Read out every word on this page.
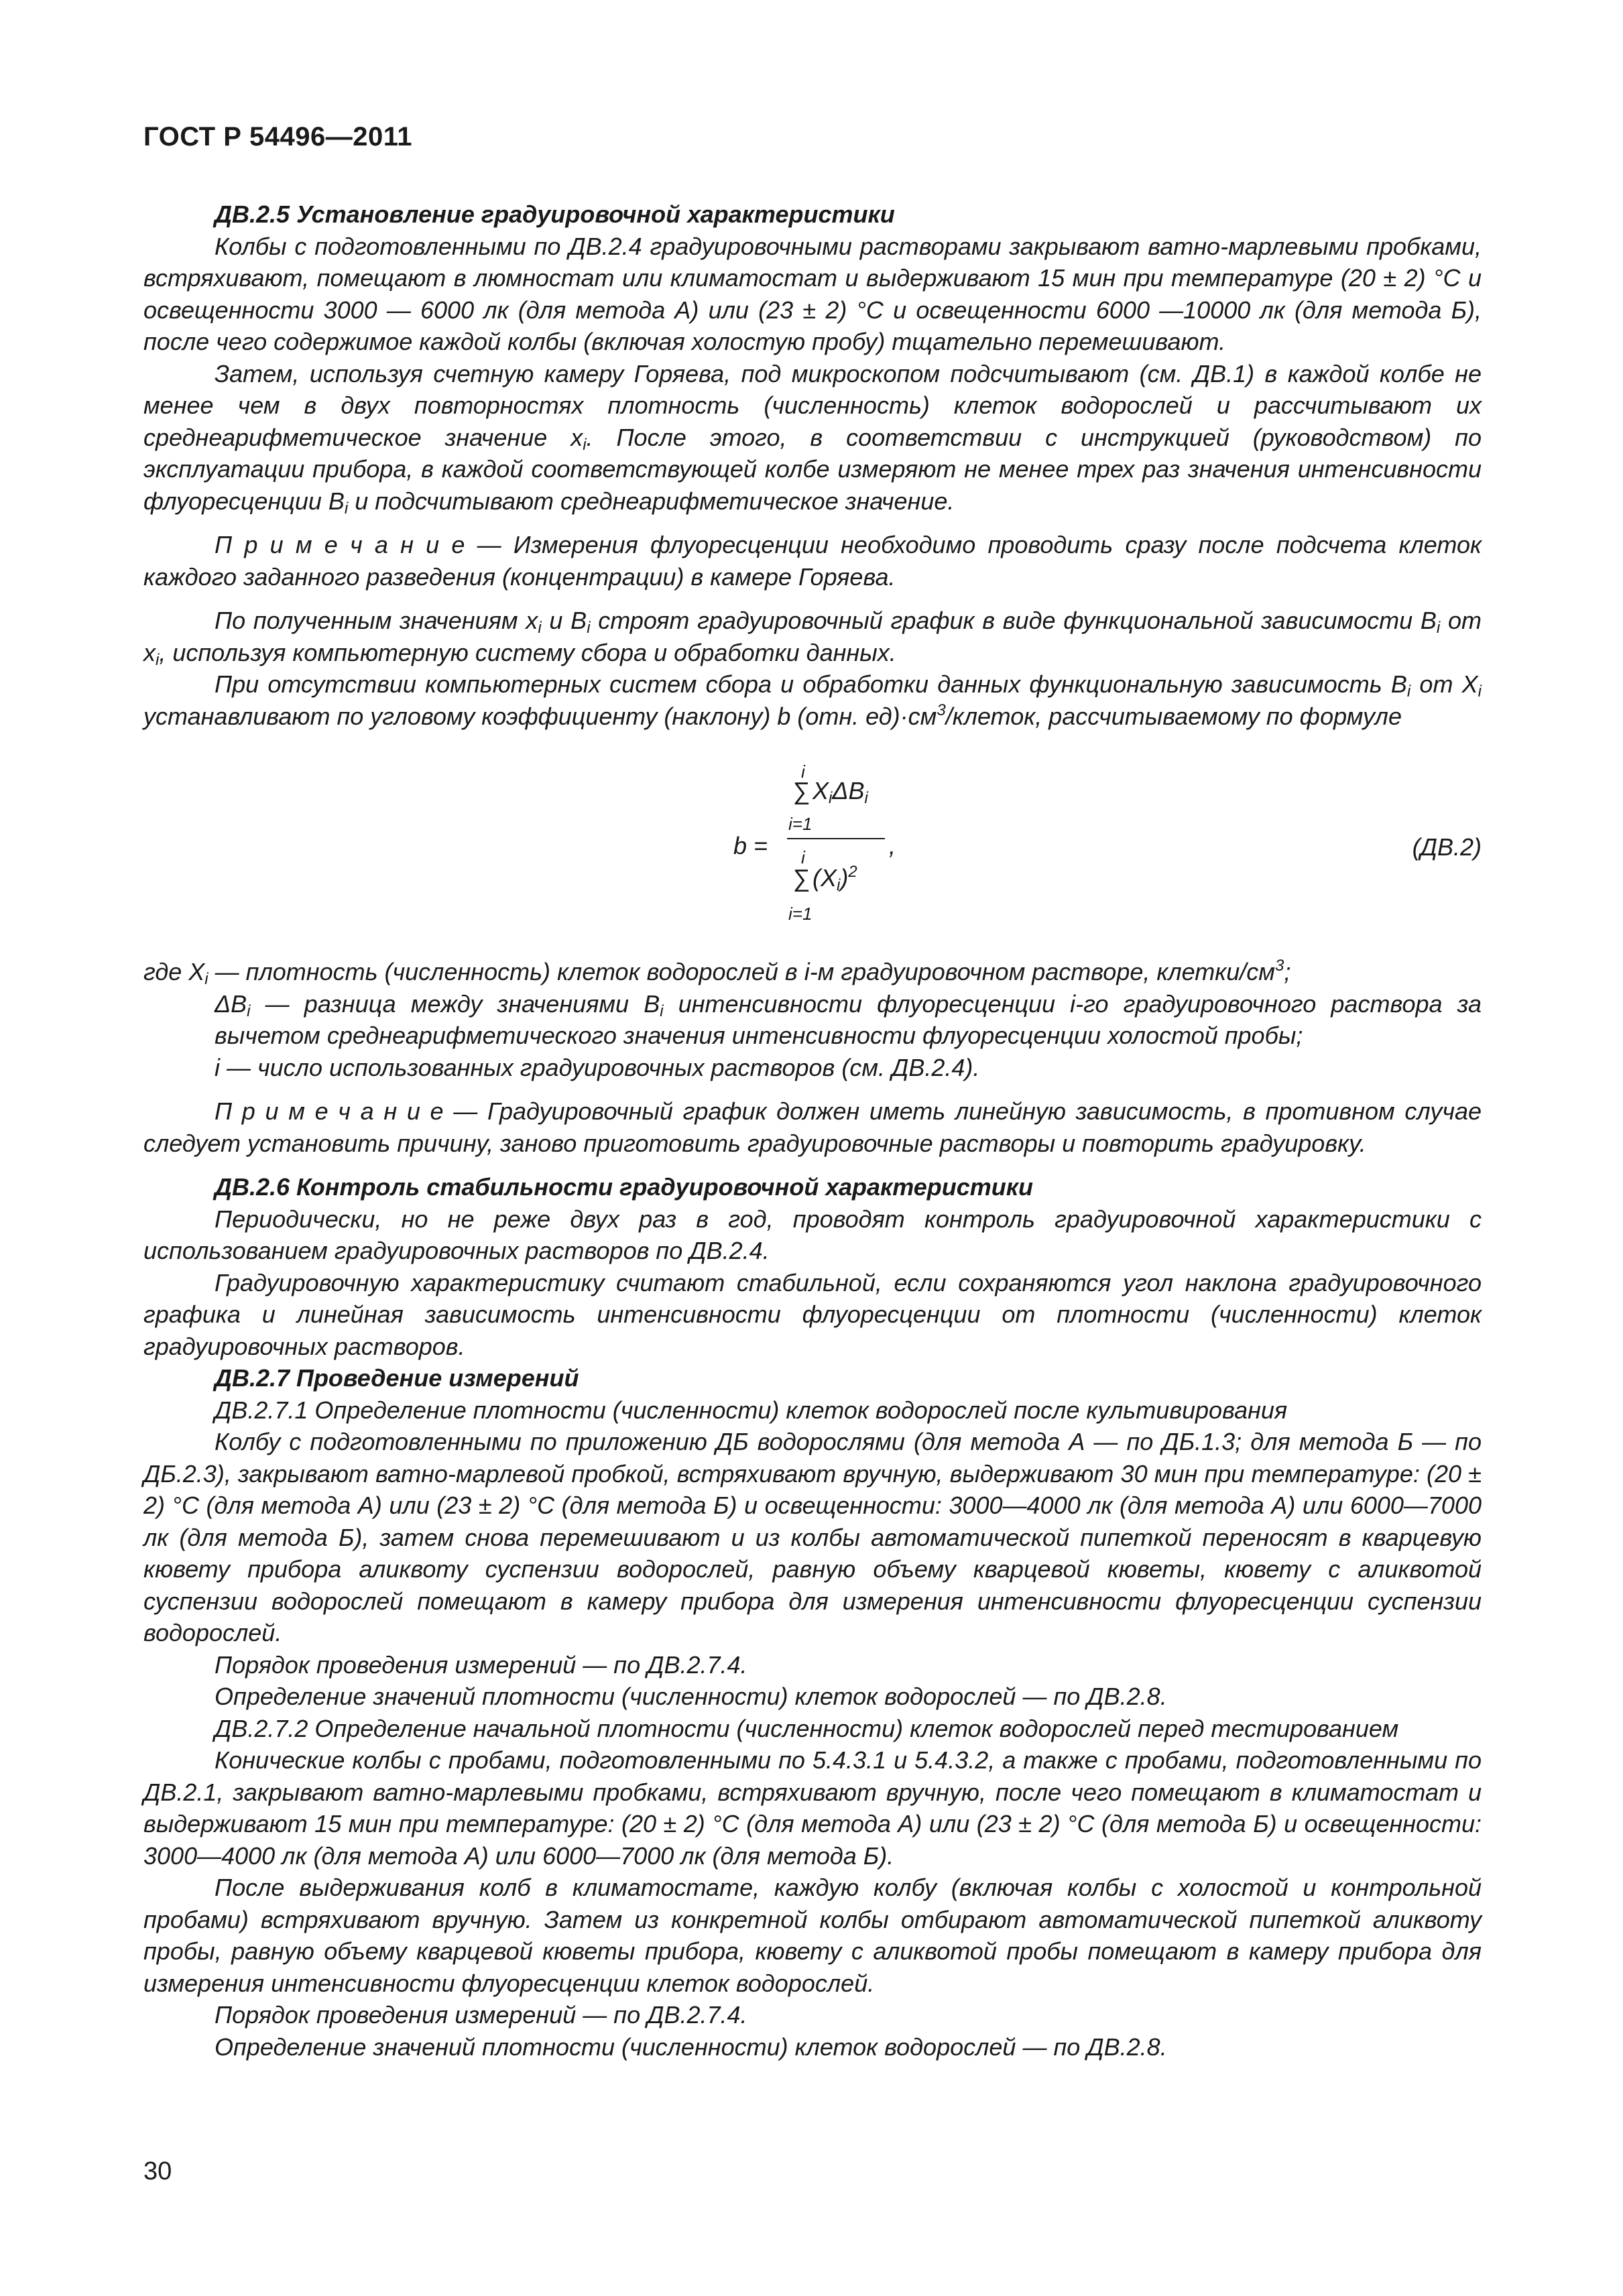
ГОСТ Р 54496—2011

ДВ.2.5 Установление градуировочной характеристики

Колбы с подготовленными по ДВ.2.4 градуировочными растворами закрывают ватно-марлевыми пробками, встряхивают, помещают в люмностат или климатостат и выдерживают 15 мин при температуре (20 ± 2) °С и освещенности 3000 — 6000 лк (для метода А) или (23 ± 2) °С и освещенности 6000 —10000 лк (для метода Б), после чего содержимое каждой колбы (включая холостую пробу) тщательно перемешивают.

Затем, используя счетную камеру Горяева, под микроскопом подсчитывают (см. ДВ.1) в каждой колбе не менее чем в двух повторностях плотность (численность) клеток водорослей и рассчитывают их среднеарифметическое значение $x_i$. После этого, в соответствии с инструкцией (руководством) по эксплуатации прибора, в каждой соответствующей колбе измеряют не менее трех раз значения интенсивности флуоресценции $B_i$ и подсчитывают среднеарифметическое значение.

П р и м е ч а н и е — Измерения флуоресценции необходимо проводить сразу после подсчета клеток каждого заданного разведения (концентрации) в камере Горяева.

По полученным значениям $x_i$ и $B_i$ строят градуировочный график в виде функциональной зависимости $B_i$ от $x_i$, используя компьютерную систему сбора и обработки данных.

При отсутствии компьютерных систем сбора и обработки данных функциональную зависимость $B_i$ от $X_i$ устанавливают по угловому коэффициенту (наклону) b (отн. $ед)\cdot см^3$/клеток, рассчитываемому по формуле

b =
i
∑ $X_i\Delta B_i$
i=1
,
i
∑ $(X_i)^2$
i=1
(ДВ.2)

где $X_i$ — плотность (численность) клеток водорослей в i-м градуировочном растворе, клетки/$см^3$;

$\Delta B_i$ — разница между значениями $B_i$ интенсивности флуоресценции i-го градуировочного раствора за вычетом среднеарифметического значения интенсивности флуоресценции холостой пробы;

i — число использованных градуировочных растворов (см. ДВ.2.4).

П р и м е ч а н и е — Градуировочный график должен иметь линейную зависимость, в противном случае следует установить причину, заново приготовить градуировочные растворы и повторить градуировку.

ДВ.2.6 Контроль стабильности градуировочной характеристики

Периодически, но не реже двух раз в год, проводят контроль градуировочной характеристики с использованием градуировочных растворов по ДВ.2.4.

Градуировочную характеристику считают стабильной, если сохраняются угол наклона градуировочного графика и линейная зависимость интенсивности флуоресценции от плотности (численности) клеток градуировочных растворов.

ДВ.2.7 Проведение измерений

ДВ.2.7.1 Определение плотности (численности) клеток водорослей после культивирования

Колбу с подготовленными по приложению ДБ водорослями (для метода А — по ДБ.1.3; для метода Б — по ДБ.2.3), закрывают ватно-марлевой пробкой, встряхивают вручную, выдерживают 30 мин при температуре: (20 ± 2) °С (для метода А) или (23 ± 2) °С (для метода Б) и освещенности: 3000—4000 лк (для метода А) или 6000—7000 лк (для метода Б), затем снова перемешивают и из колбы автоматической пипеткой переносят в кварцевую кювету прибора аликвоту суспензии водорослей, равную объему кварцевой кюветы, кювету с аликвотой суспензии водорослей помещают в камеру прибора для измерения интенсивности флуоресценции суспензии водорослей.

Порядок проведения измерений — по ДВ.2.7.4.

Определение значений плотности (численности) клеток водорослей — по ДВ.2.8.

ДВ.2.7.2 Определение начальной плотности (численности) клеток водорослей перед тестированием

Конические колбы с пробами, подготовленными по 5.4.3.1 и 5.4.3.2, а также с пробами, подготовленными по ДВ.2.1, закрывают ватно-марлевыми пробками, встряхивают вручную, после чего помещают в климатостат и выдерживают 15 мин при температуре: (20 ± 2) °С (для метода А) или (23 ± 2) °С (для метода Б) и освещенности: 3000—4000 лк (для метода А) или 6000—7000 лк (для метода Б).

После выдерживания колб в климатостате, каждую колбу (включая колбы с холостой и контрольной пробами) встряхивают вручную. Затем из конкретной колбы отбирают автоматической пипеткой аликвоту пробы, равную объему кварцевой кюветы прибора, кювету с аликвотой пробы помещают в камеру прибора для измерения интенсивности флуоресценции клеток водорослей.

Порядок проведения измерений — по ДВ.2.7.4.

Определение значений плотности (численности) клеток водорослей — по ДВ.2.8.

30
